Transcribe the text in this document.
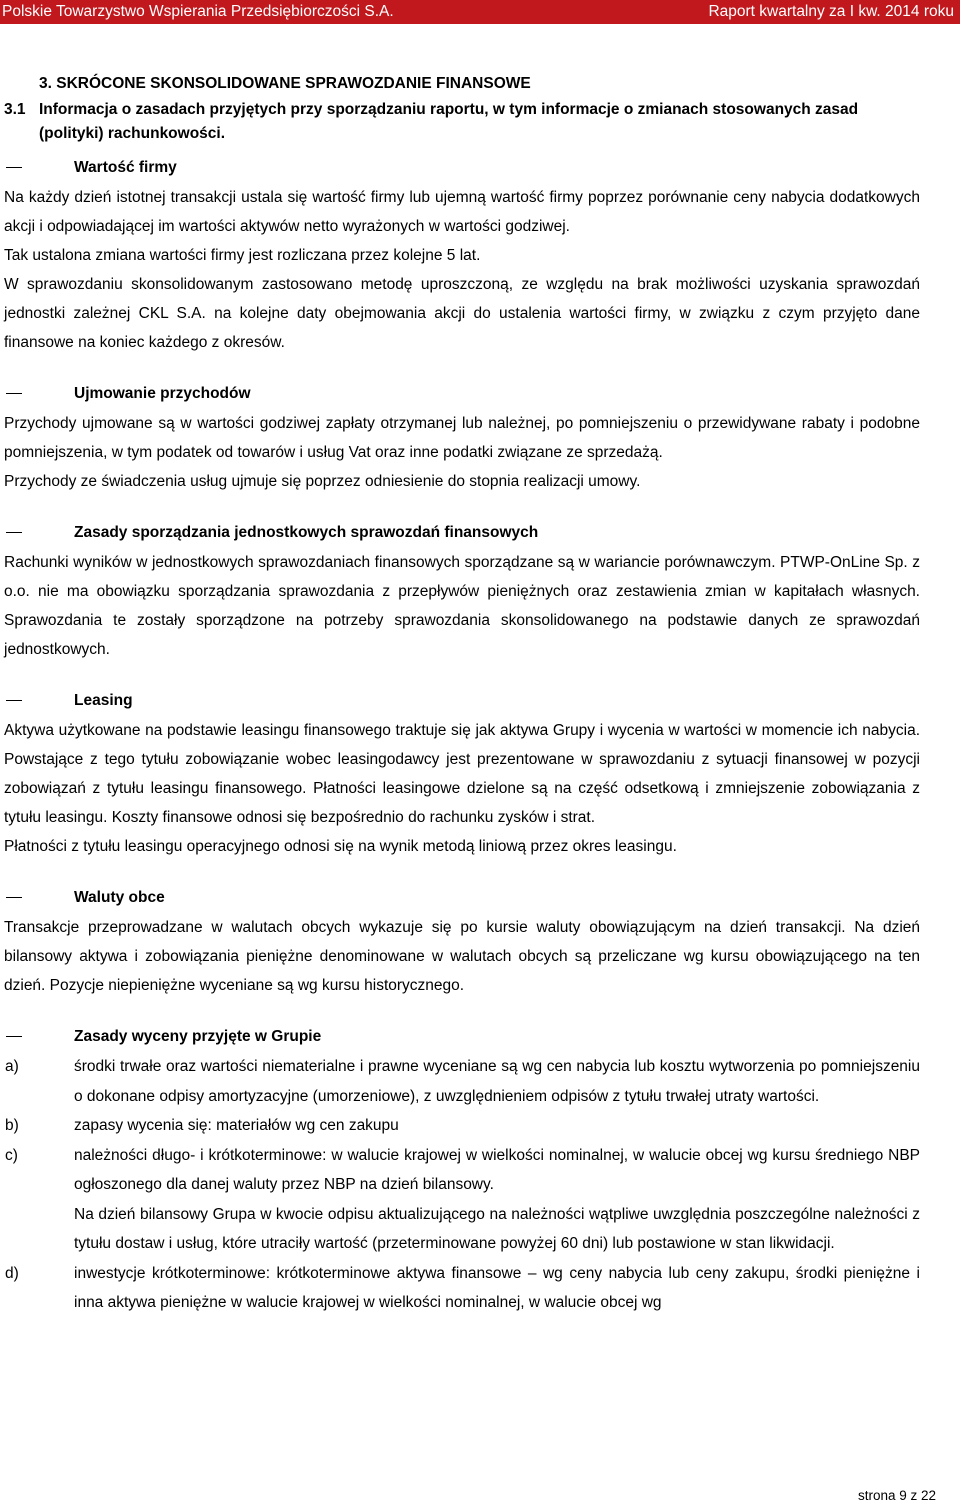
Polskie Towarzystwo Wspierania Przedsiębiorczości S.A.	Raport kwartalny za I kw. 2014 roku
3. SKRÓCONE SKONSOLIDOWANE SPRAWOZDANIE FINANSOWE
3.1 Informacja o zasadach przyjętych przy sporządzaniu raportu, w tym informacje o zmianach stosowanych zasad (polityki) rachunkowości.
Wartość firmy
Na każdy dzień istotnej transakcji ustala się wartość firmy lub ujemną wartość firmy poprzez porównanie ceny nabycia dodatkowych akcji i odpowiadającej im wartości aktywów netto wyrażonych w wartości godziwej.
Tak ustalona zmiana wartości firmy jest rozliczana przez kolejne 5 lat.
W sprawozdaniu skonsolidowanym zastosowano metodę uproszczoną, ze względu na brak możliwości uzyskania sprawozdań jednostki zależnej CKL S.A. na kolejne daty obejmowania akcji do ustalenia wartości firmy, w związku z czym przyjęto dane finansowe na koniec każdego z okresów.
Ujmowanie przychodów
Przychody ujmowane są w wartości godziwej zapłaty otrzymanej lub należnej, po pomniejszeniu o przewidywane rabaty i podobne pomniejszenia, w tym podatek od towarów i usług Vat oraz inne podatki związane ze sprzedażą.
Przychody ze świadczenia usług ujmuje się poprzez odniesienie do stopnia realizacji umowy.
Zasady sporządzania jednostkowych sprawozdań finansowych
Rachunki wyników w jednostkowych sprawozdaniach finansowych sporządzane są w wariancie porównawczym. PTWP-OnLine Sp. z o.o. nie ma obowiązku sporządzania sprawozdania z przepływów pieniężnych oraz zestawienia zmian w kapitałach własnych. Sprawozdania te zostały sporządzone na potrzeby sprawozdania skonsolidowanego na podstawie danych ze sprawozdań jednostkowych.
Leasing
Aktywa użytkowane na podstawie leasingu finansowego traktuje się jak aktywa Grupy i wycenia w wartości w momencie ich nabycia. Powstające z tego tytułu zobowiązanie wobec leasingodawcy jest prezentowane w sprawozdaniu z sytuacji finansowej w pozycji zobowiązań z tytułu leasingu finansowego. Płatności leasingowe dzielone są na część odsetkową i zmniejszenie zobowiązania z tytułu leasingu. Koszty finansowe odnosi się bezpośrednio do rachunku zysków i strat.
Płatności z tytułu leasingu operacyjnego odnosi się na wynik metodą liniową przez okres leasingu.
Waluty obce
Transakcje przeprowadzane w walutach obcych wykazuje się po kursie waluty obowiązującym na dzień transakcji. Na dzień bilansowy aktywa i zobowiązania pieniężne denominowane w walutach obcych są przeliczane wg kursu obowiązującego na ten dzień. Pozycje niepieniężne wyceniane są wg kursu historycznego.
Zasady wyceny przyjęte w Grupie
a)	środki trwałe oraz wartości niematerialne i prawne wyceniane są wg cen nabycia lub kosztu wytworzenia po pomniejszeniu o dokonane odpisy amortyzacyjne (umorzeniowe), z uwzględnieniem odpisów z tytułu trwałej utraty wartości.
b)	zapasy wycenia się: materiałów wg cen zakupu
c)	należności długo- i krótkoterminowe: w walucie krajowej w wielkości nominalnej, w walucie obcej wg kursu średniego NBP ogłoszonego dla danej waluty przez NBP na dzień bilansowy.
Na dzień bilansowy Grupa w kwocie odpisu aktualizującego na należności wątpliwe uwzględnia poszczególne należności z tytułu dostaw i usług, które utraciły wartość (przeterminowane powyżej 60 dni) lub postawione w stan likwidacji.
d)	inwestycje krótkoterminowe: krótkoterminowe aktywa finansowe – wg ceny nabycia lub ceny zakupu, środki pieniężne i inna aktywa pieniężne w walucie krajowej w wielkości nominalnej, w walucie obcej wg
strona 9 z 22
